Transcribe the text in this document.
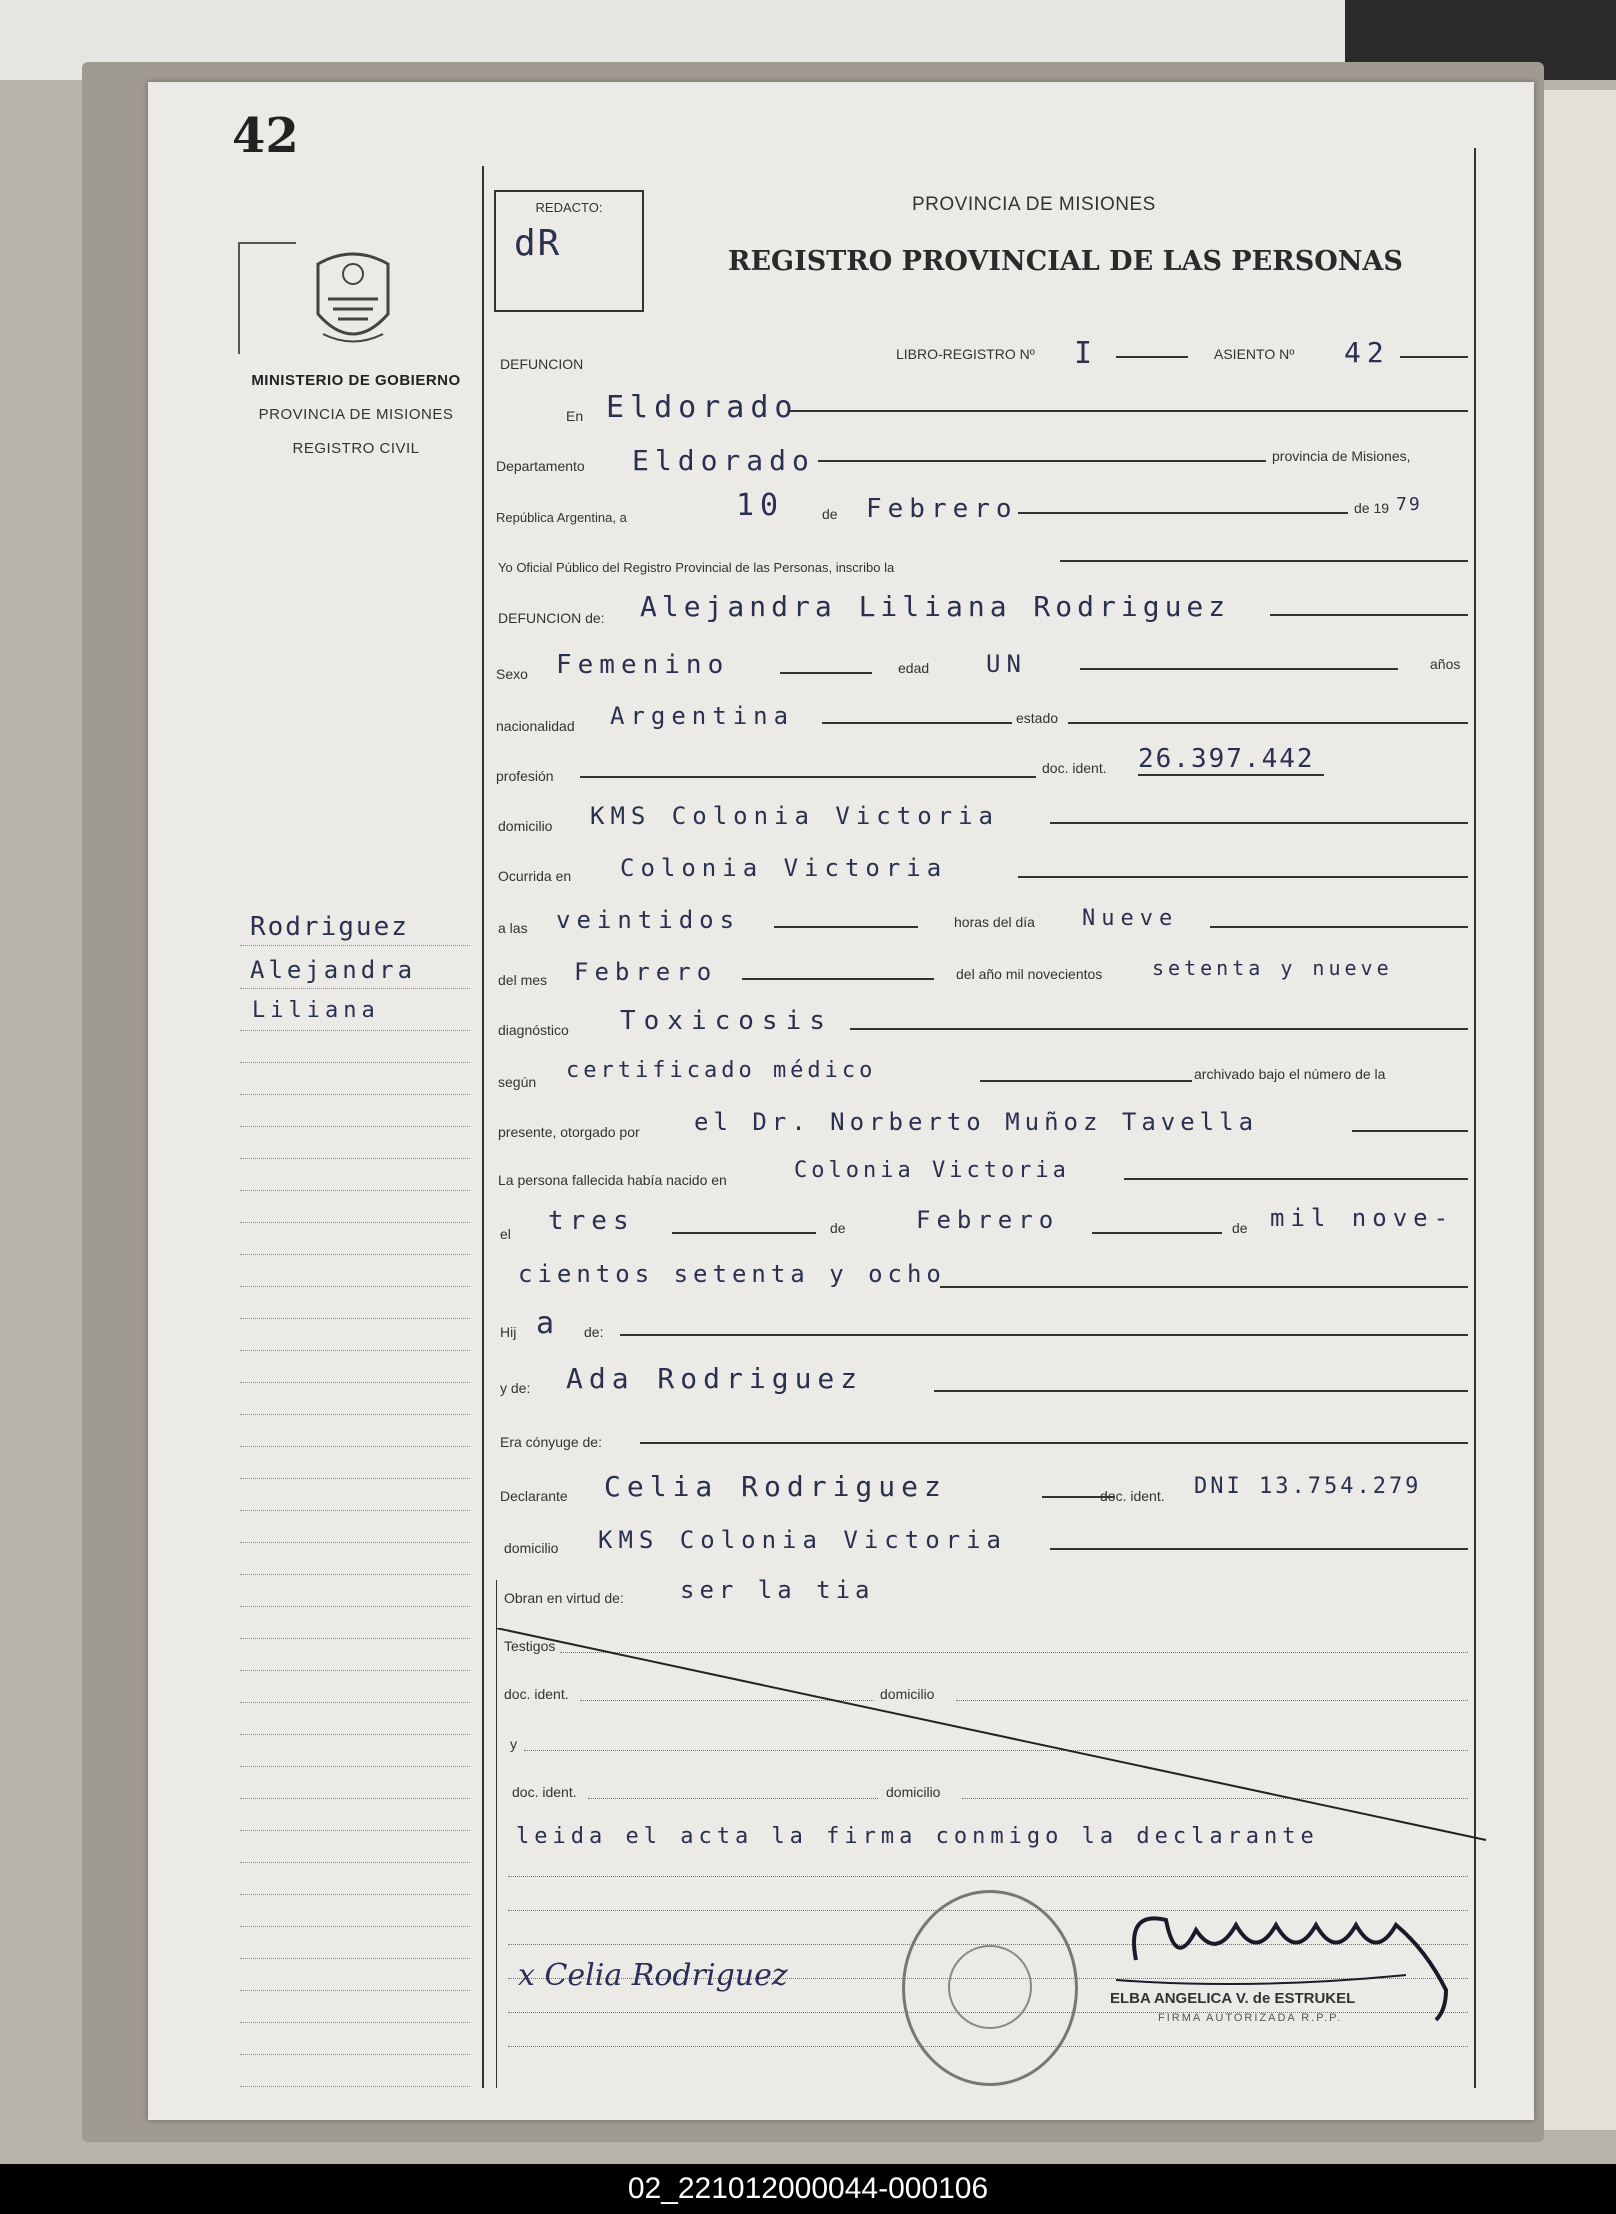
42
MINISTERIO DE GOBIERNO
PROVINCIA DE MISIONES
REGISTRO CIVIL
Rodriguez
Alejandra
Liliana
REDACTO:
dR
PROVINCIA DE MISIONES
REGISTRO PROVINCIAL DE LAS PERSONAS
DEFUNCION
LIBRO-REGISTRO Nº I	ASIENTO Nº 42
En Eldorado
Departamento Eldorado	provincia de Misiones,
República Argentina, a	10	de Febrero	de 19 79
Yo Oficial Público del Registro Provincial de las Personas, inscribo la
DEFUNCION de: Alejandra Liliana Rodriguez
Sexo Femenino	edad UN	años
nacionalidad Argentina	estado
profesión	doc. ident. 26.397.442
domicilio KMS Colonia Victoria
Ocurrida en Colonia Victoria
a las veintidos	horas del día Nueve
del mes Febrero	del año mil novecientos setenta y nueve
diagnóstico Toxicosis
según certificado médico	archivado bajo el número de la
presente, otorgado por el Dr. Norberto Muñoz Tavella
La persona fallecida había nacido en	Colonia Victoria
el tres	de	Febrero	de mil nove-
cientos setenta y ocho
Hij a de:
y de: Ada Rodriguez
Era cónyuge de:
Declarante Celia Rodriguez	doc. ident. DNI 13.754.279
domicilio KMS Colonia Victoria
Obran en virtud de: ser la tia
Testigos
doc. ident.	domicilio
y
doc. ident.	domicilio
leida el acta la firma conmigo la declarante
x Celia Rodriguez
ELBA ANGELICA V. de ESTRUKEL
FIRMA AUTORIZADA R.P.P.
02_221012000044-000106
